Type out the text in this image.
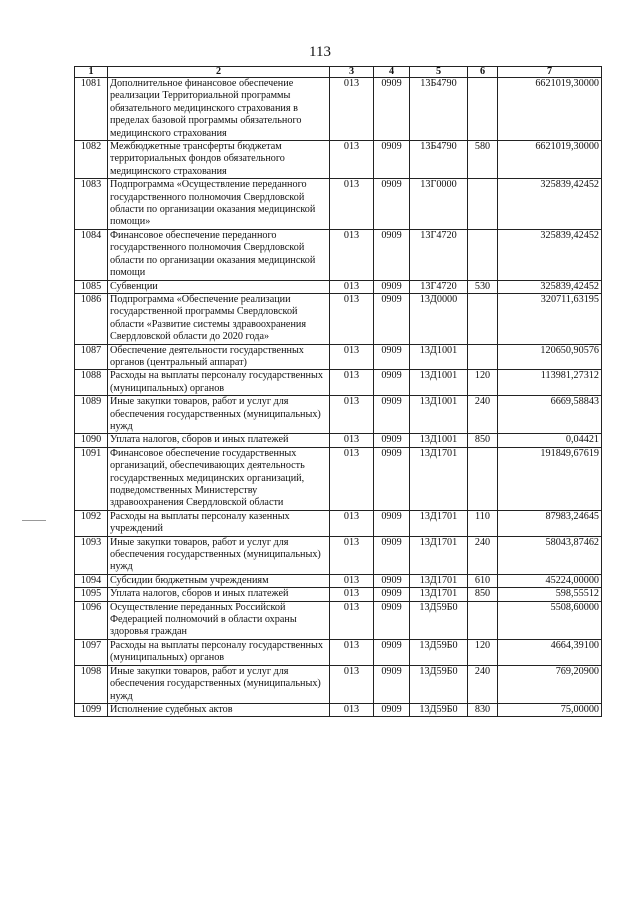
113
1	2	3	4	5	6	7
1081	Дополнительное финансовое обеспечение реализации Территориальной программы обязательного медицинского страхования в пределах базовой программы обязательного медицинского страхования	013	0909	13Б4790		6621019,30000
1082	Межбюджетные трансферты бюджетам территориальных фондов обязательного медицинского страхования	013	0909	13Б4790	580	6621019,30000
1083	Подпрограмма «Осуществление переданного государственного полномочия Свердловской области по организации оказания медицинской помощи»	013	0909	13Г0000		325839,42452
1084	Финансовое обеспечение переданного государственного полномочия Свердловской области по организации оказания медицинской помощи	013	0909	13Г4720		325839,42452
1085	Субвенции	013	0909	13Г4720	530	325839,42452
1086	Подпрограмма «Обеспечение реализации государственной программы Свердловской области «Развитие системы здравоохранения Свердловской области до 2020 года»	013	0909	13Д0000		320711,63195
1087	Обеспечение деятельности государственных органов (центральный аппарат)	013	0909	13Д1001		120650,90576
1088	Расходы на выплаты персоналу государственных (муниципальных) органов	013	0909	13Д1001	120	113981,27312
1089	Иные закупки товаров, работ и услуг для обеспечения государственных (муниципальных) нужд	013	0909	13Д1001	240	6669,58843
1090	Уплата налогов, сборов и иных платежей	013	0909	13Д1001	850	0,04421
1091	Финансовое обеспечение государственных организаций, обеспечивающих деятельность государственных медицинских организаций, подведомственных Министерству здравоохранения Свердловской области	013	0909	13Д1701		191849,67619
1092	Расходы на выплаты персоналу казенных учреждений	013	0909	13Д1701	110	87983,24645
1093	Иные закупки товаров, работ и услуг для обеспечения государственных (муниципальных) нужд	013	0909	13Д1701	240	58043,87462
1094	Субсидии бюджетным учреждениям	013	0909	13Д1701	610	45224,00000
1095	Уплата налогов, сборов и иных платежей	013	0909	13Д1701	850	598,55512
1096	Осуществление переданных Российской Федерацией полномочий в области охраны здоровья граждан	013	0909	13Д59Б0		5508,60000
1097	Расходы на выплаты персоналу государственных (муниципальных) органов	013	0909	13Д59Б0	120	4664,39100
1098	Иные закупки товаров, работ и услуг для обеспечения государственных (муниципальных) нужд	013	0909	13Д59Б0	240	769,20900
1099	Исполнение судебных актов	013	0909	13Д59Б0	830	75,00000
